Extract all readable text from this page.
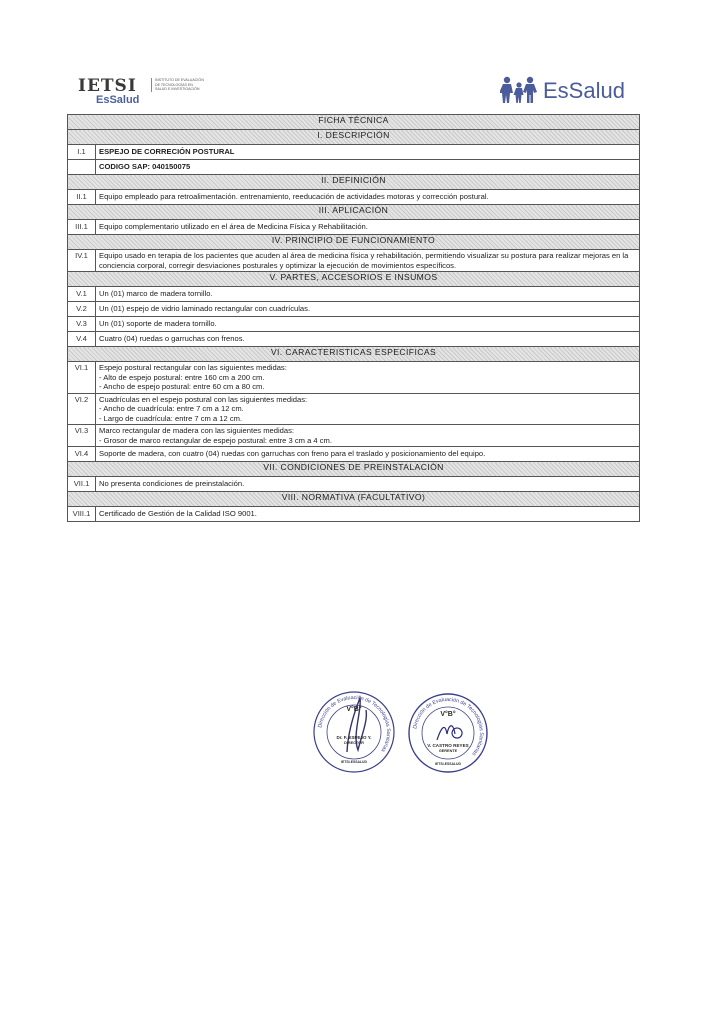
IETSI
EsSalud
INSTITUTO DE EVALUACIÓN DE TECNOLOGÍAS EN SALUD E INVESTIGACIÓN	EsSalud
FICHA TÉCNICA	
I. DESCRIPCIÓN	
I.1	ESPEJO DE CORRECIÓN POSTURAL
	CODIGO SAP: 040150075
II. DEFINICIÓN	
II.1	Equipo empleado para retroalimentación. entrenamiento, reeducación de actividades motoras y corrección postural.
III. APLICACIÓN	
III.1	Equipo complementario utilizado en el área de Medicina Física y Rehabilitación.
IV. PRINCIPIO DE FUNCIONAMIENTO	
IV.1	Equipo usado en terapia de los pacientes que acuden al área de medicina física y rehabilitación, permitiendo visualizar su postura para realizar mejoras en la conciencia corporal, corregir desviaciones posturales y optimizar la ejecución de movimientos específicos.
V. PARTES, ACCESORIOS E INSUMOS	
V.1	Un (01) marco de madera tornillo.
V.2	Un (01) espejo de vidrio laminado rectangular con cuadrículas.
V.3	Un (01) soporte de madera tornillo.
V.4	Cuatro (04) ruedas o garruchas con frenos.
VI. CARACTERISTICAS ESPECIFICAS	
VI.1	Espejo postural rectangular con las siguientes medidas:
- Alto de espejo postural: entre 160 cm a 200 cm.
- Ancho de espejo postural: entre 60 cm a 80 cm.
VI.2	Cuadrículas en el espejo postural con las siguientes medidas:
- Ancho de cuadrícula: entre 7 cm a 12 cm.
- Largo de cuadrícula: entre 7 cm a 12 cm.
VI.3	Marco rectangular de madera con las siguientes medidas:
- Grosor de marco rectangular de espejo postural: entre 3 cm a 4 cm.
VI.4	Soporte de madera, con cuatro (04) ruedas con garruchas con freno para el traslado y posicionamiento del equipo.
VII. CONDICIONES DE PREINSTALACIÓN	
VII.1	No presenta condiciones de preinstalación.
VIII. NORMATIVA (FACULTATIVO)	
VIII.1	Certificado de Gestión de la Calidad ISO 9001.
Dirección de Evaluación de Tecnologías Sanitarias
V°B°
Dr. F. ESPEJO Y.
DIRECTOR
IETSI-ESSALUD
Dirección de Evaluación de Tecnologías Sanitarias
V°B°
V. CASTRO REYES
GERENTE
IETSI-ESSALUD
